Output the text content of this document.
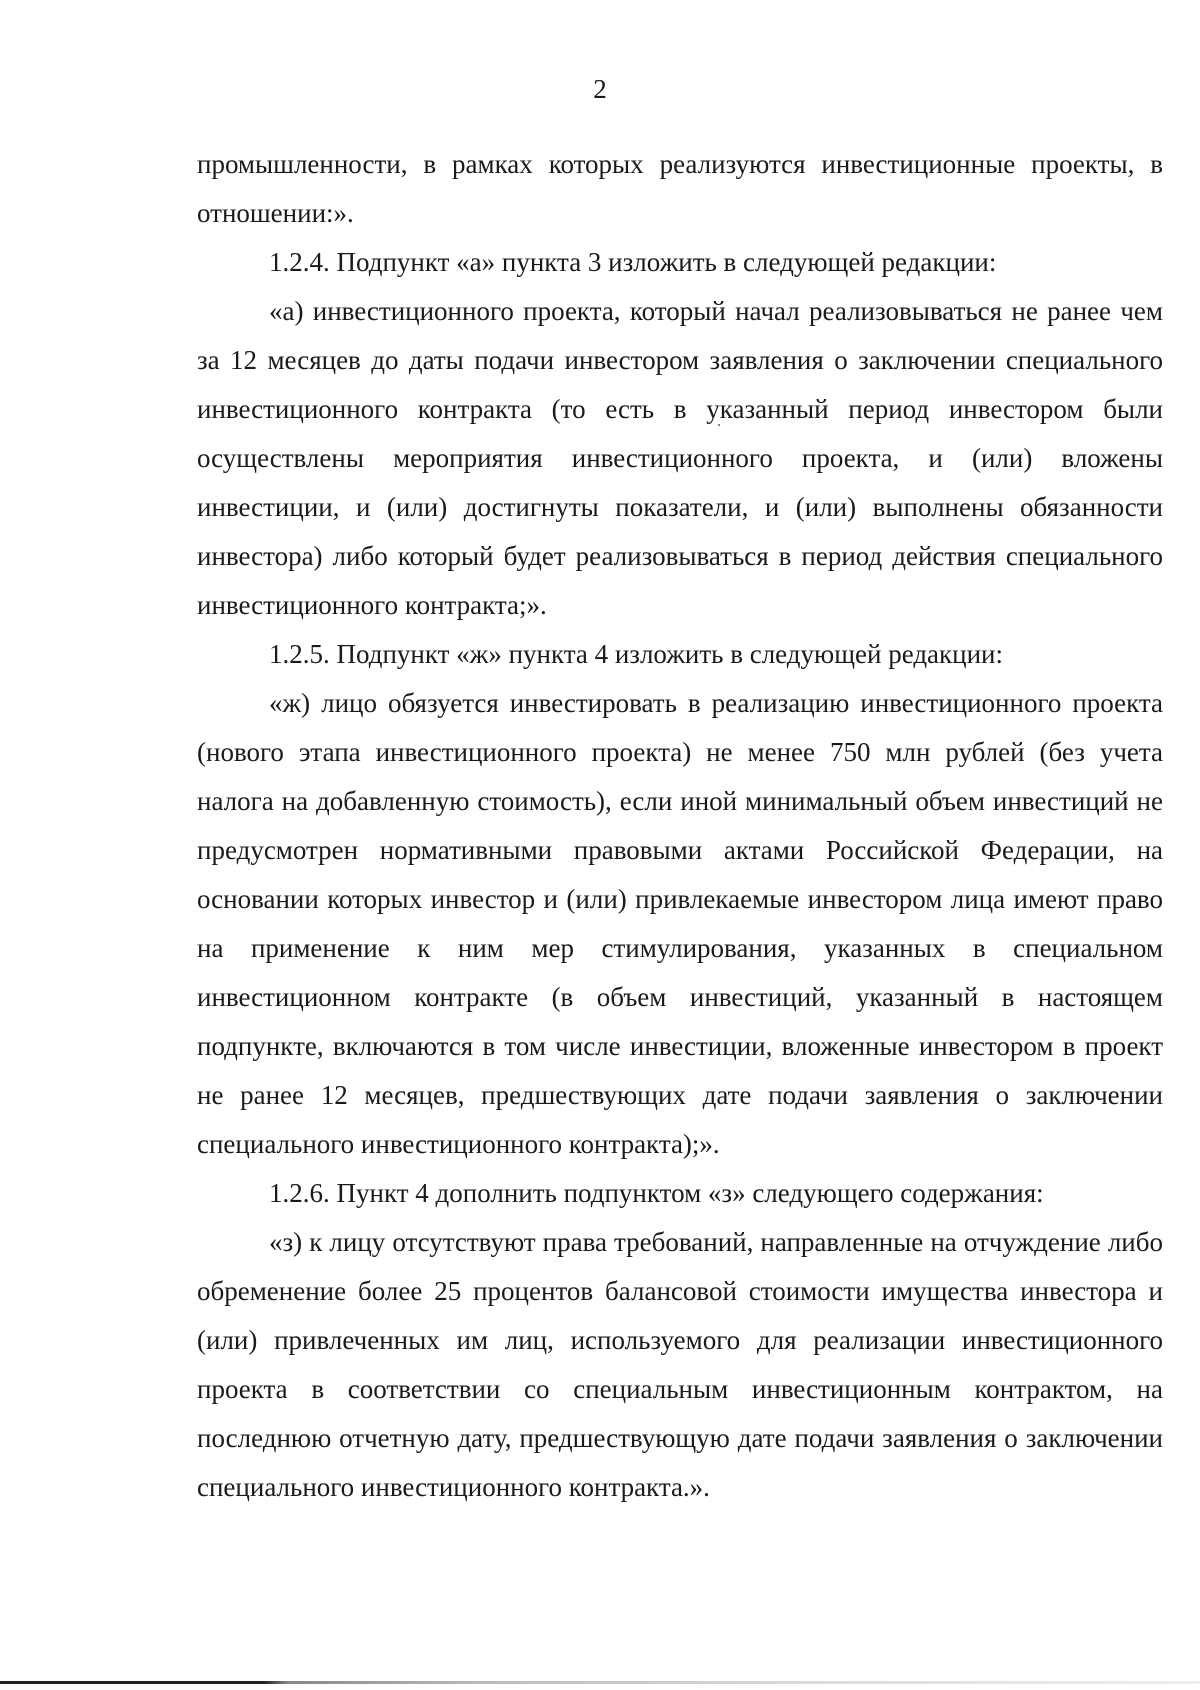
2

промышленности, в рамках которых реализуются инвестиционные проекты, в отношении:».

1.2.4. Подпункт «а» пункта 3 изложить в следующей редакции:

«а) инвестиционного проекта, который начал реализовываться не ранее чем за 12 месяцев до даты подачи инвестором заявления о заключении специального инвестиционного контракта (то есть в указанный период инвестором были осуществлены мероприятия инвестиционного проекта, и (или) вложены инвестиции, и (или) достигнуты показатели, и (или) выполнены обязанности инвестора) либо который будет реализовываться в период действия специального инвестиционного контракта;».

1.2.5. Подпункт «ж» пункта 4 изложить в следующей редакции:

«ж) лицо обязуется инвестировать в реализацию инвестиционного проекта (нового этапа инвестиционного проекта) не менее 750 млн рублей (без учета налога на добавленную стоимость), если иной минимальный объем инвестиций не предусмотрен нормативными правовыми актами Российской Федерации, на основании которых инвестор и (или) привлекаемые инвестором лица имеют право на применение к ним мер стимулирования, указанных в специальном инвестиционном контракте (в объем инвестиций, указанный в настоящем подпункте, включаются в том числе инвестиции, вложенные инвестором в проект не ранее 12 месяцев, предшествующих дате подачи заявления о заключении специального инвестиционного контракта);».

1.2.6. Пункт 4 дополнить подпунктом «з» следующего содержания:

«з) к лицу отсутствуют права требований, направленные на отчуждение либо обременение более 25 процентов балансовой стоимости имущества инвестора и (или) привлеченных им лиц, используемого для реализации инвестиционного проекта в соответствии со специальным инвестиционным контрактом, на последнюю отчетную дату, предшествующую дате подачи заявления о заключении специального инвестиционного контракта.».
